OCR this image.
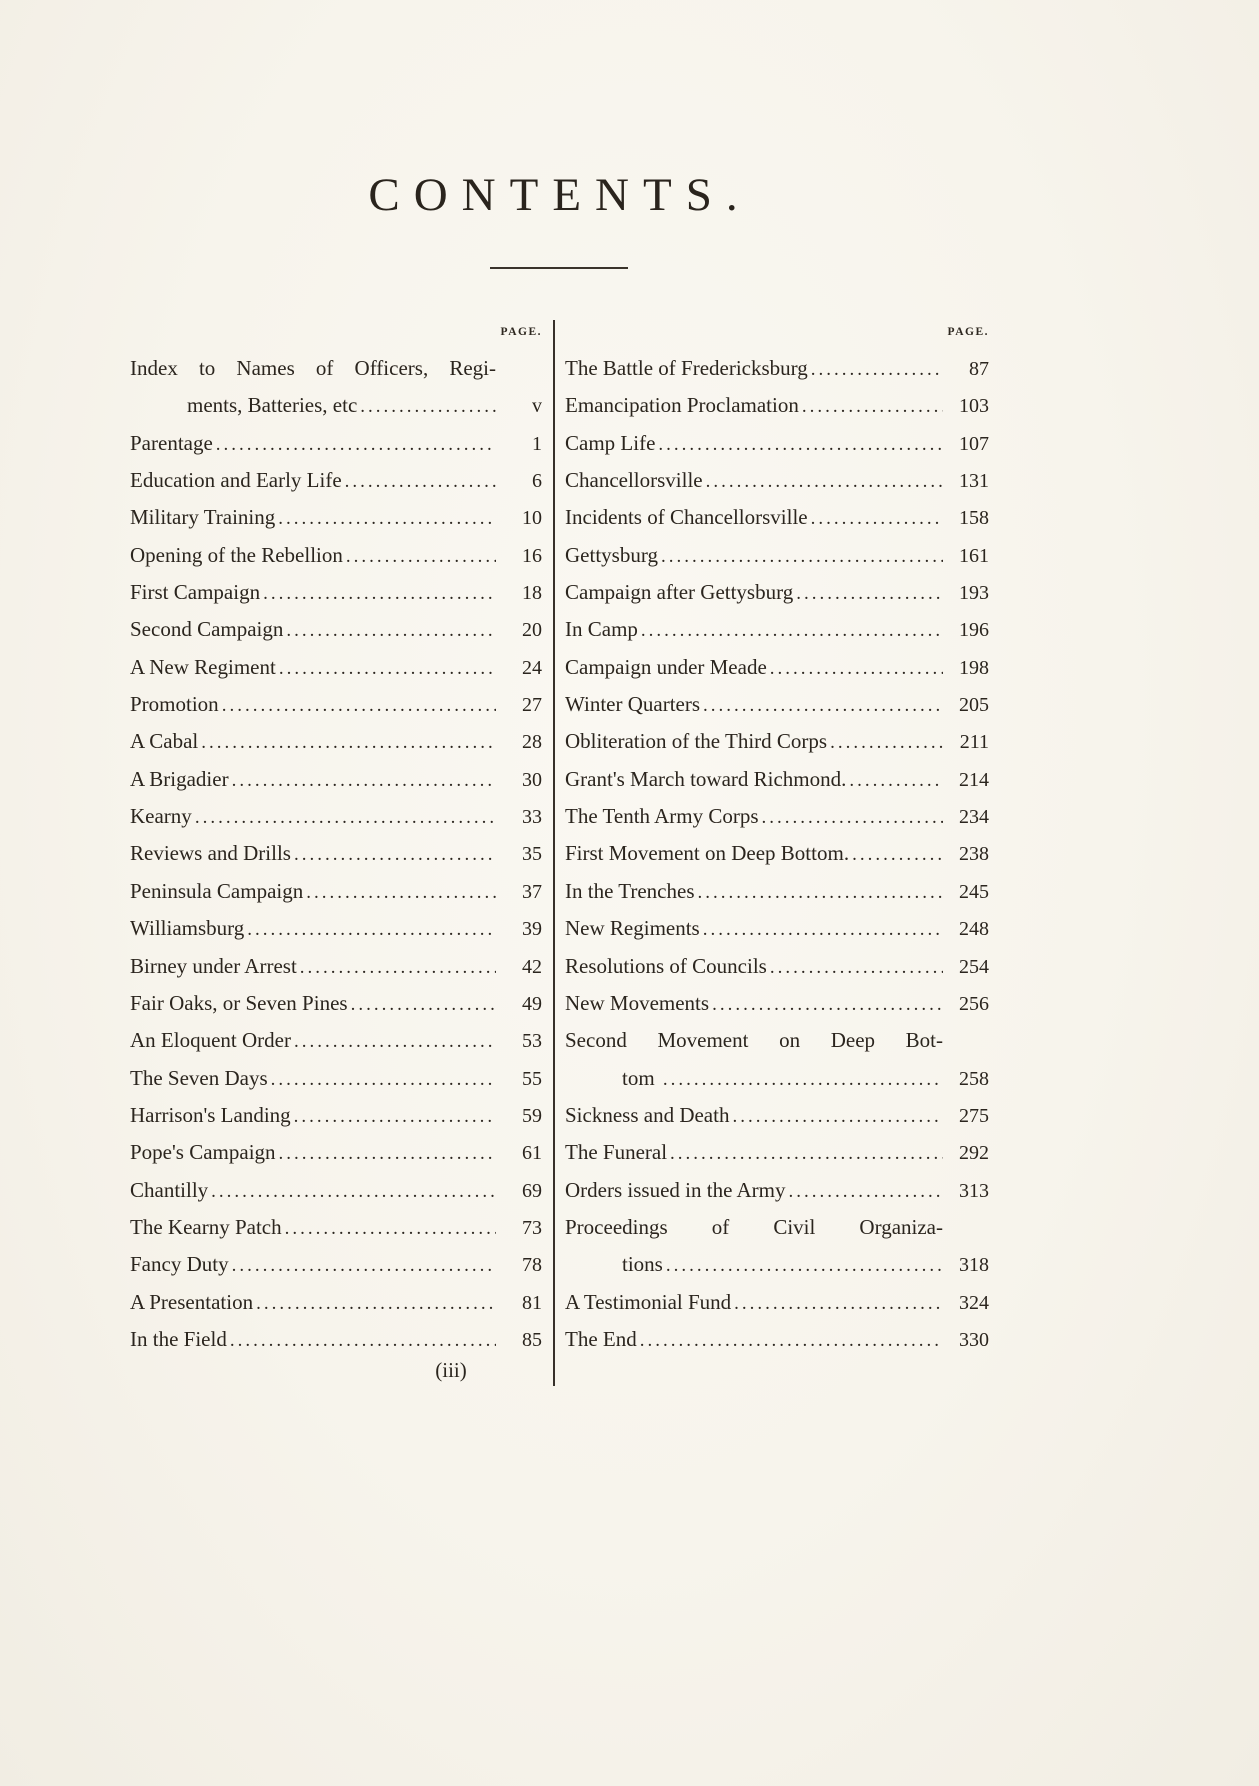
CONTENTS.
PAGE.
Index to Names of Officers, Regi-
ments, Batteries, etc .....	v
Parentage .....	1
Education and Early Life .....	6
Military Training .....	10
Opening of the Rebellion .....	16
First Campaign .....	18
Second Campaign .....	20
A New Regiment .....	24
Promotion .....	27
A Cabal .....	28
A Brigadier .....	30
Kearny .....	33
Reviews and Drills .....	35
Peninsula Campaign .....	37
Williamsburg .....	39
Birney under Arrest .....	42
Fair Oaks, or Seven Pines .....	49
An Eloquent Order .....	53
The Seven Days .....	55
Harrison's Landing .....	59
Pope's Campaign .....	61
Chantilly .....	69
The Kearny Patch .....	73
Fancy Duty .....	78
A Presentation .....	81
In the Field .....	85
PAGE.
The Battle of Fredericksburg .....	87
Emancipation Proclamation .....	103
Camp Life .....	107
Chancellorsville .....	131
Incidents of Chancellorsville .....	158
Gettysburg .....	161
Campaign after Gettysburg .....	193
In Camp .....	196
Campaign under Meade .....	198
Winter Quarters .....	205
Obliteration of the Third Corps .....	211
Grant's March toward Richmond. .....	214
The Tenth Army Corps .....	234
First Movement on Deep Bottom. .....	238
In the Trenches .....	245
New Regiments .....	248
Resolutions of Councils .....	254
New Movements .....	256
Second Movement on Deep Bot-
tom .....	258
Sickness and Death .....	275
The Funeral .....	292
Orders issued in the Army .....	313
Proceedings of Civil Organiza-
tions .....	318
A Testimonial Fund .....	324
The End .....	330
(iii)
